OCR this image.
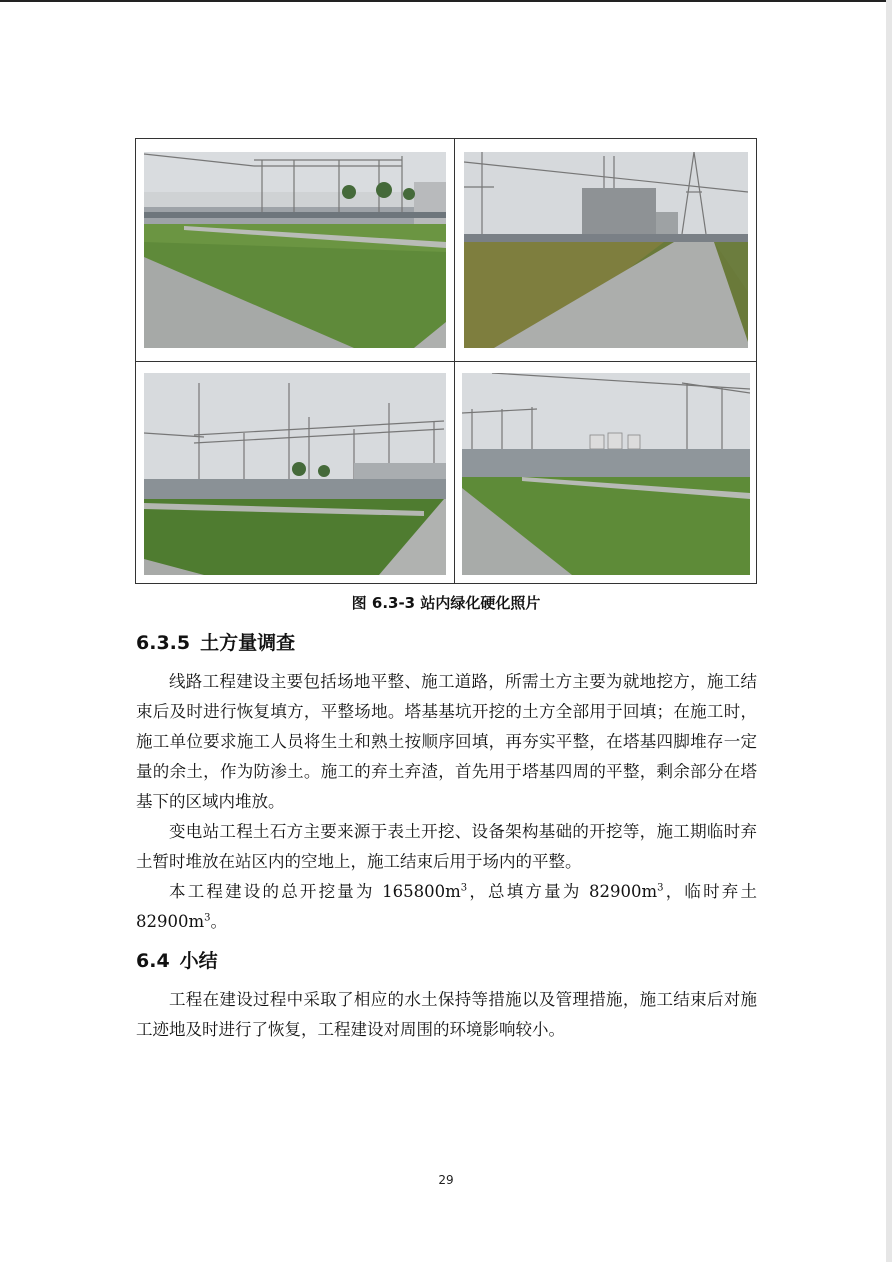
图 6.3-3 站内绿化硬化照片
6.3.5 土方量调查

线路工程建设主要包括场地平整、施工道路，所需土方主要为就地挖方，施工结束后及时进行恢复填方，平整场地。塔基基坑开挖的土方全部用于回填；在施工时，施工单位要求施工人员将生土和熟土按顺序回填，再夯实平整，在塔基四脚堆存一定量的余土，作为防渗土。施工的弃土弃渣，首先用于塔基四周的平整，剩余部分在塔基下的区域内堆放。

变电站工程土石方主要来源于表土开挖、设备架构基础的开挖等，施工期临时弃土暂时堆放在站区内的空地上，施工结束后用于场内的平整。

本工程建设的总开挖量为 $165800m^3$，总填方量为 $82900m^3$，临时弃土 $82900m^3$。

6.4 小结

工程在建设过程中采取了相应的水土保持等措施以及管理措施，施工结束后对施工迹地及时进行了恢复，工程建设对周围的环境影响较小。

29
